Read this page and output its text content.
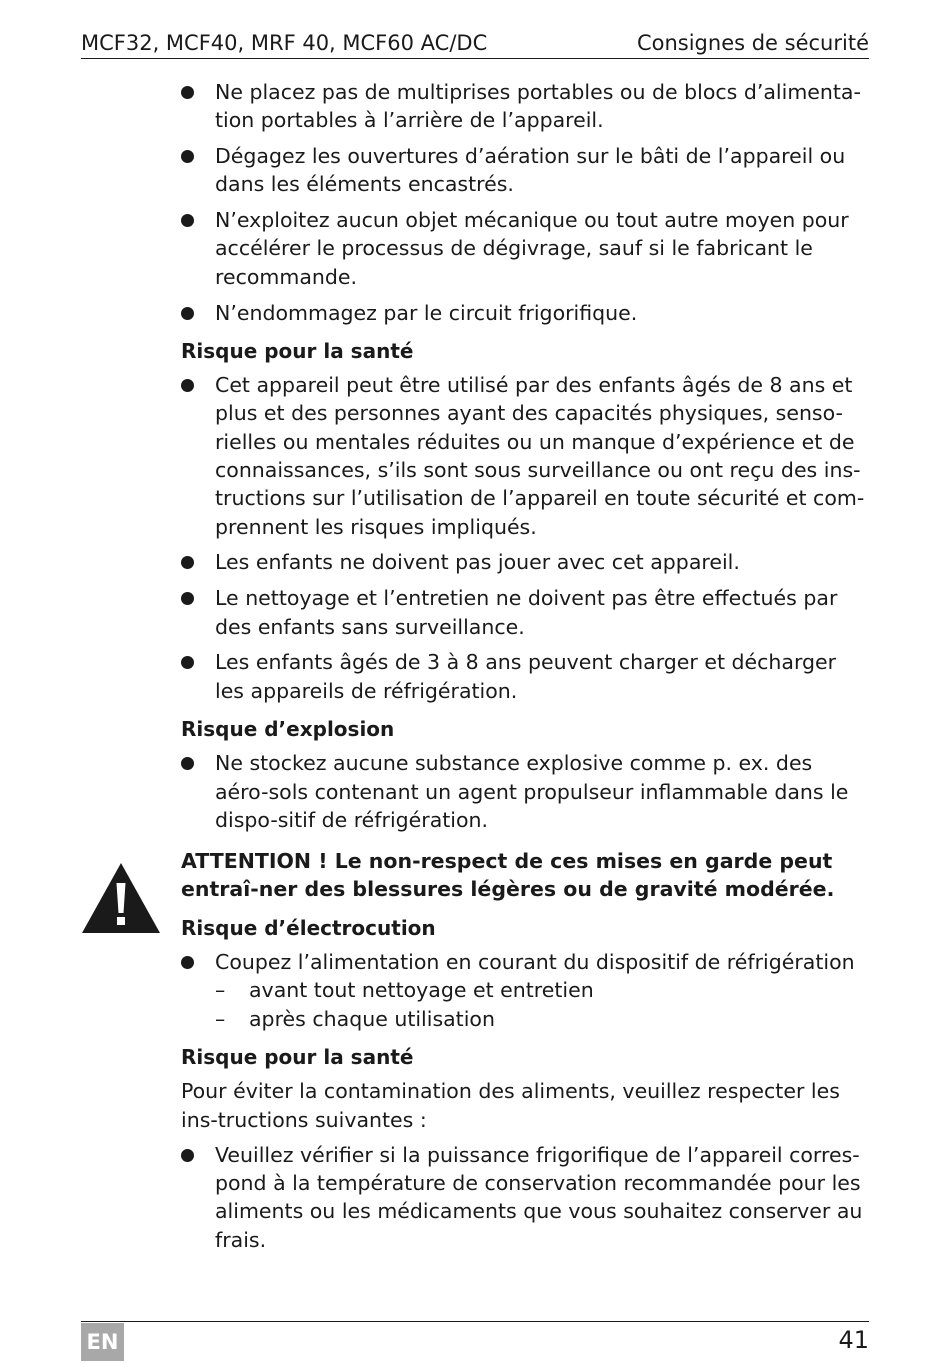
MCF32, MCF40, MRF 40, MCF60 AC/DC	Consignes de sécurité
Ne placez pas de multiprises portables ou de blocs d’alimenta-tion portables à l’arrière de l’appareil.
Dégagez les ouvertures d’aération sur le bâti de l’appareil ou dans les éléments encastrés.
N’exploitez aucun objet mécanique ou tout autre moyen pour accélérer le processus de dégivrage, sauf si le fabricant le recommande.
N’endommagez par le circuit frigorifique.
Risque pour la santé
Cet appareil peut être utilisé par des enfants âgés de 8 ans et plus et des personnes ayant des capacités physiques, senso-rielles ou mentales réduites ou un manque d’expérience et de connaissances, s’ils sont sous surveillance ou ont reçu des ins-tructions sur l’utilisation de l’appareil en toute sécurité et com-prennent les risques impliqués.
Les enfants ne doivent pas jouer avec cet appareil.
Le nettoyage et l’entretien ne doivent pas être effectués par des enfants sans surveillance.
Les enfants âgés de 3 à 8 ans peuvent charger et décharger les appareils de réfrigération.
Risque d’explosion
Ne stockez aucune substance explosive comme p. ex. des aéro-sols contenant un agent propulseur inflammable dans le dispo-sitif de réfrigération.
ATTENTION ! Le non-respect de ces mises en garde peut entraî-ner des blessures légères ou de gravité modérée.
Risque d’électrocution
Coupez l’alimentation en courant du dispositif de réfrigération
– avant tout nettoyage et entretien
– après chaque utilisation
Risque pour la santé

Pour éviter la contamination des aliments, veuillez respecter les ins-tructions suivantes :

Veuillez vérifier si la puissance frigorifique de l’appareil corres-pond à la température de conservation recommandée pour les aliments ou les médicaments que vous souhaitez conserver au frais.
EN	41
